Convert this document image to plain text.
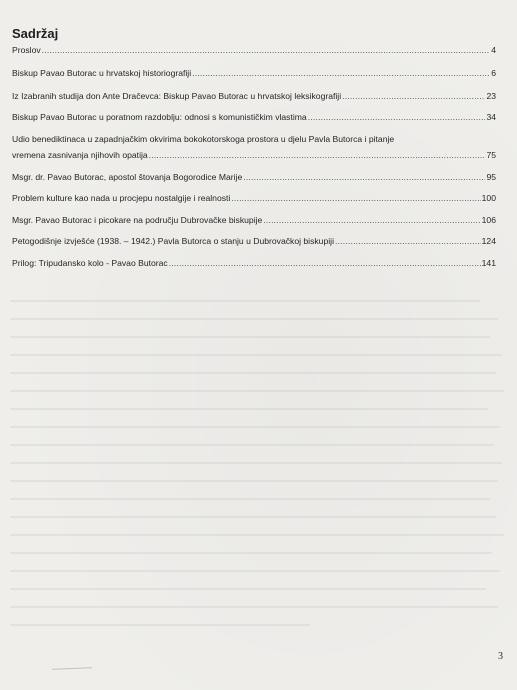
Sadržaj
Proslov .....	4
Biskup Pavao Butorac u hrvatskoj historiografiji .....	6
Iz Izabranih studija don Ante Dračevca: Biskup Pavao Butorac u hrvatskoj leksikografiji .....	23
Biskup Pavao Butorac u poratnom razdoblju: odnosi s komunističkim vlastima .....	34
Udio benediktinaca u zapadnjačkim okvirima bokokotorskoga prostora u djelu Pavla Butorca i pitanje
vremena zasnivanja njihovih opatija .....	75
Msgr. dr. Pavao Butorac, apostol štovanja Bogorodice Marije .....	95
Problem kulture kao nada u procjepu nostalgije i realnosti .....	100
Msgr. Pavao Butorac i picokare na području Dubrovačke biskupije .....	106
Petogodišnje izvješće (1938. – 1942.) Pavla Butorca o stanju u Dubrovačkoj biskupiji .....	124
Prilog: Tripudansko kolo - Pavao Butorac .....	141
3
